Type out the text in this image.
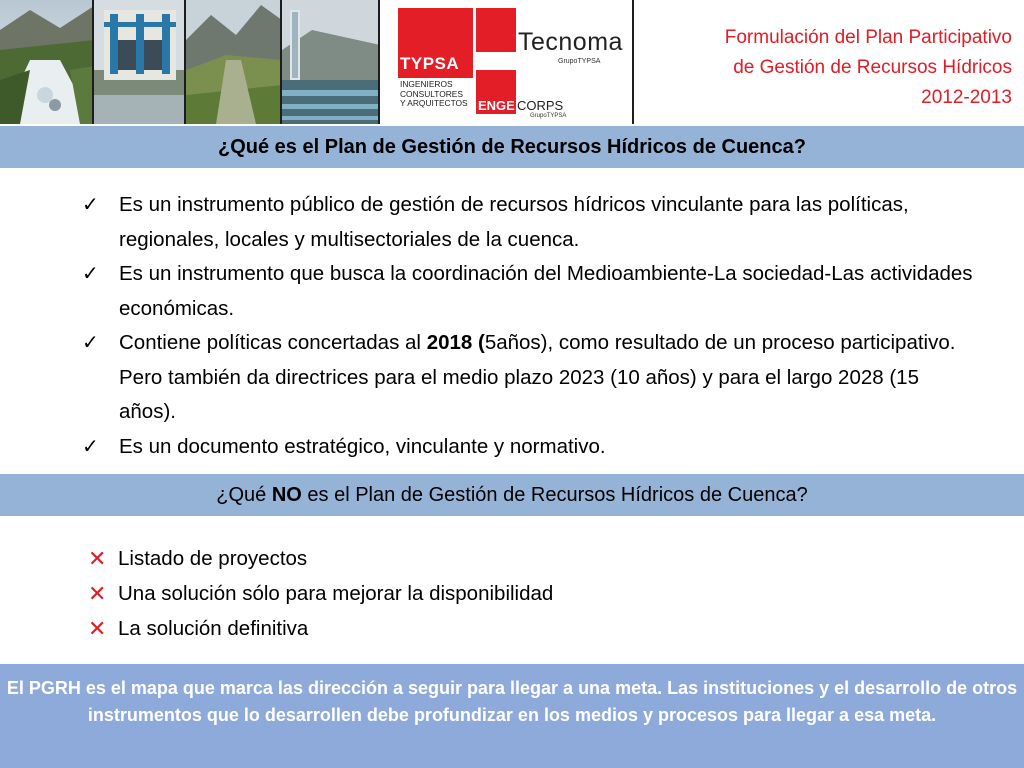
TYPSA
INGENIEROS
CONSULTORES
Y ARQUITECTOS
Tecnoma
GrupoTYPSA
ENGE CORPS
GrupoTYPSA
Formulación del Plan Participativo
de Gestión de Recursos Hídricos
2012-2013
¿Qué es el Plan de Gestión de Recursos Hídricos de Cuenca?
✓ Es un instrumento público de gestión de recursos hídricos vinculante para las políticas, regionales, locales y multisectoriales de la cuenca.
✓ Es un instrumento que busca la coordinación del Medioambiente-La sociedad-Las actividades económicas.
✓ Contiene políticas concertadas al 2018 (5años), como resultado de un proceso participativo. Pero también da directrices para el medio plazo 2023 (10 años) y para el largo 2028 (15 años).
✓ Es un documento estratégico, vinculante y normativo.
¿Qué NO es el Plan de Gestión de Recursos Hídricos de Cuenca?
✕ Listado de proyectos
✕ Una solución sólo para mejorar la disponibilidad
✕ La solución definitiva
El PGRH es el mapa que marca las dirección a seguir para llegar a una meta. Las instituciones y el desarrollo de otros instrumentos que lo desarrollen debe profundizar en los medios y procesos para llegar a esa meta.
